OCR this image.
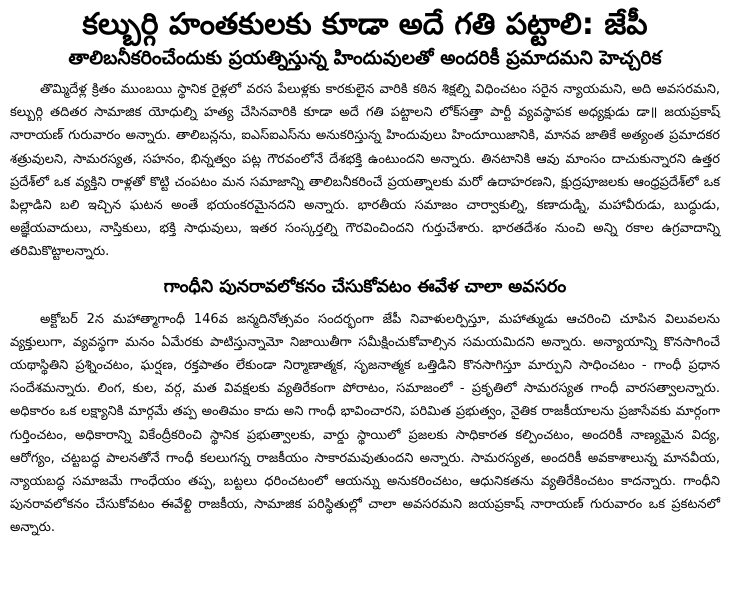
కల్బుర్గి హంతకులకు కూడా అదే గతి పట్టాలి: జేపీ
తాలిబనీకరించేందుకు ప్రయత్నిస్తున్న హిందువులతో అందరికీ ప్రమాదమని హెచ్చరిక

తొమ్మిదేళ్ల క్రితం ముంబయి స్థానిక రైళ్లలో వరస పేలుళ్లకు కారకులైన వారికి కఠిన శిక్షల్ని విధించటం సరైన న్యాయమని, అది అవసరమని, కల్బుర్గి తదితర సామాజిక యోధుల్ని హత్య చేసినవారికి కూడా అదే గతి పట్టాలని లోక్‌సత్తా పార్టీ వ్యవస్థాపక అధ్యక్షుడు డా॥ జయప్రకాష్ నారాయణ్ గురువారం అన్నారు. తాలిబన్లను, ఐఎస్ఐఎస్‌ను అనుకరిస్తున్న హిందువులు హిందూయిజానికి, మానవ జాతికే అత్యంత ప్రమాదకర శత్రువులని, సామరస్యత, సహనం, భిన్నత్వం పట్ల గౌరవంలోనే దేశభక్తి ఉంటుందని అన్నారు. తినటానికి ఆవు మాంసం దాచుకున్నారని ఉత్తర ప్రదేశ్‌లో ఒక వ్యక్తిని రాళ్లతో కొట్టి చంపటం మన సమాజాన్ని తాలిబనీకరించే ప్రయత్నాలకు మరో ఉదాహరణని, క్షుద్రపూజలకు ఆంధ్రప్రదేశ్‌లో ఒక పిల్లాడిని బలి ఇచ్చిన ఘటన అంతే భయంకరమైనదని అన్నారు. భారతీయ సమాజం చార్వాకుల్ని, కణాదుడ్ని, మహావీరుడు, బుద్ధుడు, అజ్ఞేయవాదులు, నాస్తికులు, భక్తి సాధువులు, ఇతర సంస్కర్తల్ని గౌరవించిందని గుర్తుచేశారు. భారతదేశం నుంచి అన్ని రకాల ఉగ్రవాదాన్ని తరిమికొట్టాలన్నారు.

గాంధీని పునరావలోకనం చేసుకోవటం ఈవేళ చాలా అవసరం

అక్టోబర్ 2న మహాత్మాగాంధీ 146వ జన్మదినోత్సవం సందర్భంగా జేపీ నివాళులర్పిస్తూ, మహాత్ముడు ఆచరించి చూపిన విలువలను వ్యక్తులుగా, వ్యవస్థగా మనం ఏమేరకు పాటిస్తున్నామో నిజాయితీగా సమీక్షించుకోవాల్సిన సమయమిదని అన్నారు. అన్యాయాన్ని కొనసాగించే యథాస్థితిని ప్రశ్నించటం, ఘర్షణ, రక్తపాతం లేకుండా నిర్మాణాత్మక, సృజనాత్మక ఒత్తిడిని కొనసాగిస్తూ మార్పుని సాధించటం - గాంధీ ప్రధాన సందేశమన్నారు. లింగ, కుల, వర్గ, మత వివక్షలకు వ్యతిరేకంగా పోరాటం, సమాజంలో - ప్రకృతిలో సామరస్యత గాంధీ వారసత్వాలన్నారు. అధికారం ఒక లక్ష్యానికి మార్గమే తప్ప అంతిమం కాదు అని గాంధీ భావించారని, పరిమిత ప్రభుత్వం, నైతిక రాజకీయాలను ప్రజాసేవకు మార్గంగా గుర్తించటం, అధికారాన్ని వికేంద్రీకరించి స్థానిక ప్రభుత్వాలకు, వార్డు స్థాయిలో ప్రజలకు సాధికారత కల్పించటం, అందరికీ నాణ్యమైన విద్య, ఆరోగ్యం, చట్టబద్ధ పాలనతోనే గాంధీ కలలుగన్న రాజకీయం సాకారమవుతుందని అన్నారు. సామరస్యత, అందరికీ అవకాశాలున్న మానవీయ, న్యాయబద్ధ సమాజమే గాంధేయం తప్ప, బట్టలు ధరించటంలో ఆయన్ను అనుకరించటం, ఆధునికతను వ్యతిరేకించటం కాదన్నారు. గాంధీని పునరావలోకనం చేసుకోవటం ఈవేళ్టి రాజకీయ, సామాజిక పరిస్థితుల్లో చాలా అవసరమని జయప్రకాష్ నారాయణ్ గురువారం ఒక ప్రకటనలో అన్నారు.
